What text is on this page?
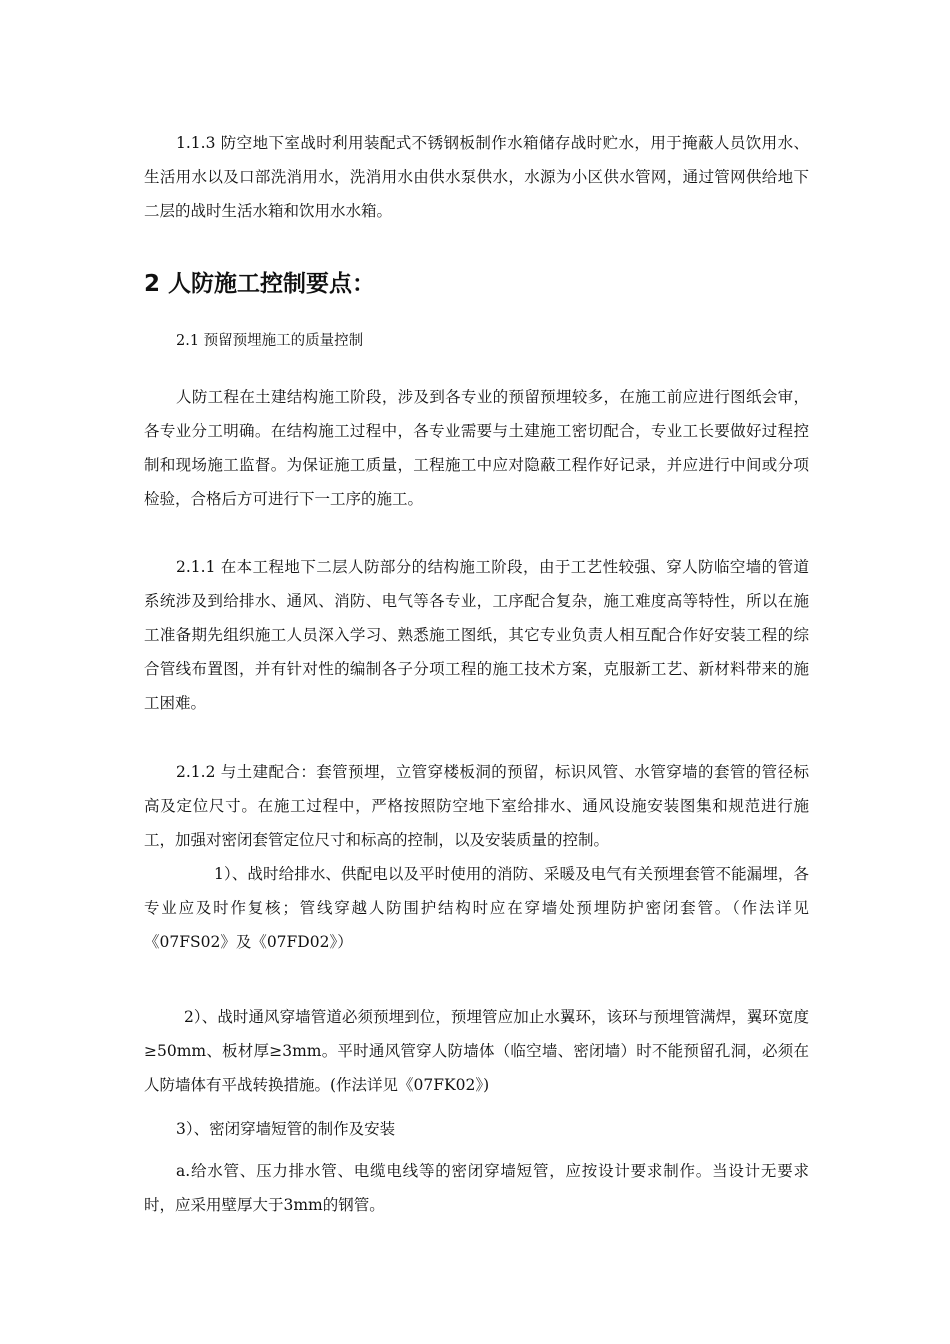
1.1.3 防空地下室战时利用装配式不锈钢板制作水箱储存战时贮水，用于掩蔽人员饮用水、生活用水以及口部洗消用水，洗消用水由供水泵供水，水源为小区供水管网，通过管网供给地下二层的战时生活水箱和饮用水水箱。

2 人防施工控制要点：

2.1 预留预埋施工的质量控制

人防工程在土建结构施工阶段，涉及到各专业的预留预埋较多，在施工前应进行图纸会审，各专业分工明确。在结构施工过程中，各专业需要与土建施工密切配合，专业工长要做好过程控制和现场施工监督。为保证施工质量，工程施工中应对隐蔽工程作好记录，并应进行中间或分项检验，合格后方可进行下一工序的施工。

2.1.1 在本工程地下二层人防部分的结构施工阶段，由于工艺性较强、穿人防临空墙的管道系统涉及到给排水、通风、消防、电气等各专业，工序配合复杂，施工难度高等特性，所以在施工准备期先组织施工人员深入学习、熟悉施工图纸，其它专业负责人相互配合作好安装工程的综合管线布置图，并有针对性的编制各子分项工程的施工技术方案，克服新工艺、新材料带来的施工困难。

2.1.2 与土建配合：套管预埋，立管穿楼板洞的预留，标识风管、水管穿墙的套管的管径标高及定位尺寸。在施工过程中，严格按照防空地下室给排水、通风设施安装图集和规范进行施工，加强对密闭套管定位尺寸和标高的控制，以及安装质量的控制。

1）、战时给排水、供配电以及平时使用的消防、采暖及电气有关预埋套管不能漏埋，各专业应及时作复核；管线穿越人防围护结构时应在穿墙处预埋防护密闭套管。（作法详见《07FS02》及《07FD02》）

2）、战时通风穿墙管道必须预埋到位，预埋管应加止水翼环，该环与预埋管满焊，翼环宽度≥50mm、板材厚≥3mm。平时通风管穿人防墙体（临空墙、密闭墙）时不能预留孔洞，必须在人防墙体有平战转换措施。(作法详见《07FK02》)

3）、密闭穿墙短管的制作及安装

a.给水管、压力排水管、电缆电线等的密闭穿墙短管，应按设计要求制作。当设计无要求时，应采用壁厚大于3mm的钢管。
